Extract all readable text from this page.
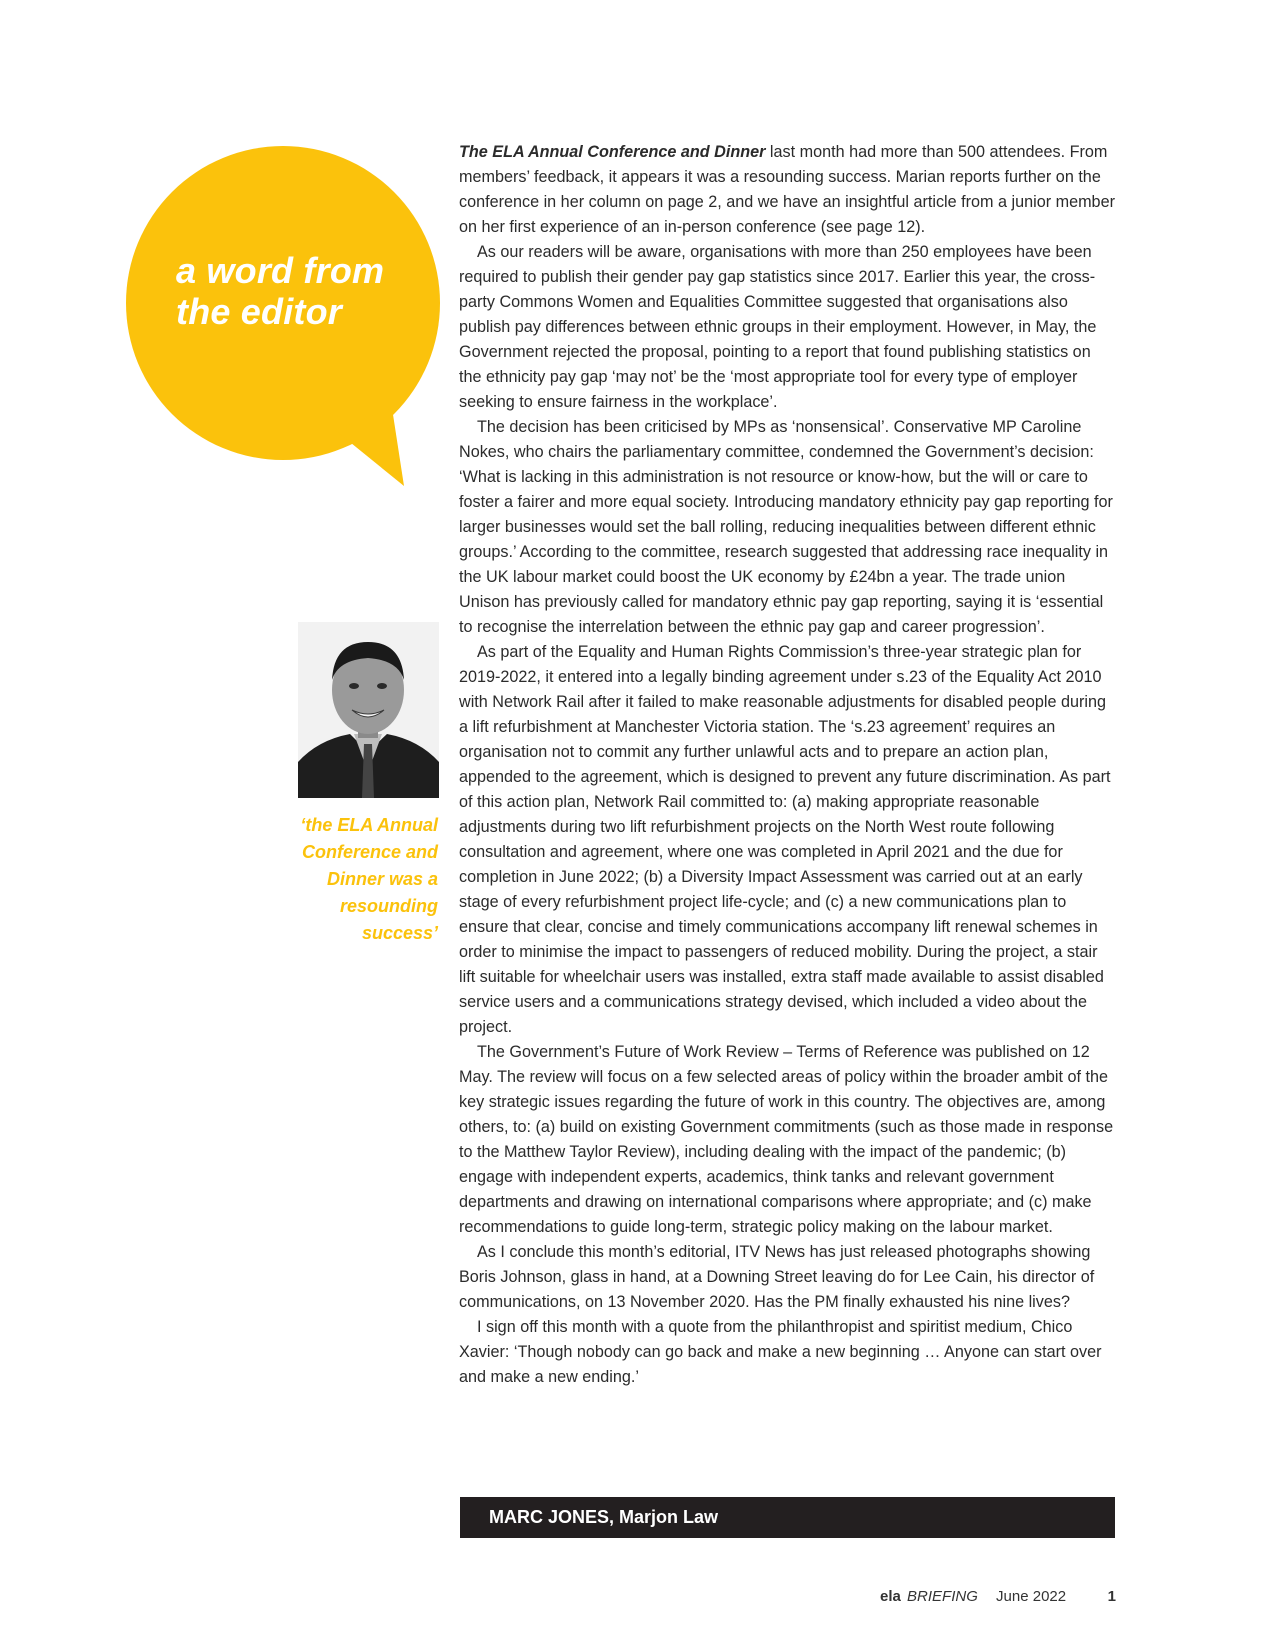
a word from
the editor
‘the ELA Annual Conference and Dinner was a resounding success’

The ELA Annual Conference and Dinner last month had more than 500 attendees. From members’ feedback, it appears it was a resounding success. Marian reports further on the conference in her column on page 2, and we have an insightful article from a junior member on her first experience of an in-person conference (see page 12).

As our readers will be aware, organisations with more than 250 employees have been required to publish their gender pay gap statistics since 2017. Earlier this year, the cross-party Commons Women and Equalities Committee suggested that organisations also publish pay differences between ethnic groups in their employment. However, in May, the Government rejected the proposal, pointing to a report that found publishing statistics on the ethnicity pay gap ‘may not’ be the ‘most appropriate tool for every type of employer seeking to ensure fairness in the workplace’.

The decision has been criticised by MPs as ‘nonsensical’. Conservative MP Caroline Nokes, who chairs the parliamentary committee, condemned the Government’s decision: ‘What is lacking in this administration is not resource or know-how, but the will or care to foster a fairer and more equal society. Introducing mandatory ethnicity pay gap reporting for larger businesses would set the ball rolling, reducing inequalities between different ethnic groups.’ According to the committee, research suggested that addressing race inequality in the UK labour market could boost the UK economy by £24bn a year. The trade union Unison has previously called for mandatory ethnic pay gap reporting, saying it is ‘essential to recognise the interrelation between the ethnic pay gap and career progression’.

As part of the Equality and Human Rights Commission’s three-year strategic plan for 2019-2022, it entered into a legally binding agreement under s.23 of the Equality Act 2010 with Network Rail after it failed to make reasonable adjustments for disabled people during a lift refurbishment at Manchester Victoria station. The ‘s.23 agreement’ requires an organisation not to commit any further unlawful acts and to prepare an action plan, appended to the agreement, which is designed to prevent any future discrimination. As part of this action plan, Network Rail committed to: (a) making appropriate reasonable adjustments during two lift refurbishment projects on the North West route following consultation and agreement, where one was completed in April 2021 and the due for completion in June 2022; (b) a Diversity Impact Assessment was carried out at an early stage of every refurbishment project life-cycle; and (c) a new communications plan to ensure that clear, concise and timely communications accompany lift renewal schemes in order to minimise the impact to passengers of reduced mobility. During the project, a stair lift suitable for wheelchair users was installed, extra staff made available to assist disabled service users and a communications strategy devised, which included a video about the project.

The Government’s Future of Work Review – Terms of Reference was published on 12 May. The review will focus on a few selected areas of policy within the broader ambit of the key strategic issues regarding the future of work in this country. The objectives are, among others, to: (a) build on existing Government commitments (such as those made in response to the Matthew Taylor Review), including dealing with the impact of the pandemic; (b) engage with independent experts, academics, think tanks and relevant government departments and drawing on international comparisons where appropriate; and (c) make recommendations to guide long-term, strategic policy making on the labour market.

As I conclude this month’s editorial, ITV News has just released photographs showing Boris Johnson, glass in hand, at a Downing Street leaving do for Lee Cain, his director of communications, on 13 November 2020. Has the PM finally exhausted his nine lives?

I sign off this month with a quote from the philanthropist and spiritist medium, Chico Xavier: ‘Though nobody can go back and make a new beginning … Anyone can start over and make a new ending.’

MARC JONES, Marjon Law
ela BRIEFING June 2022	1
